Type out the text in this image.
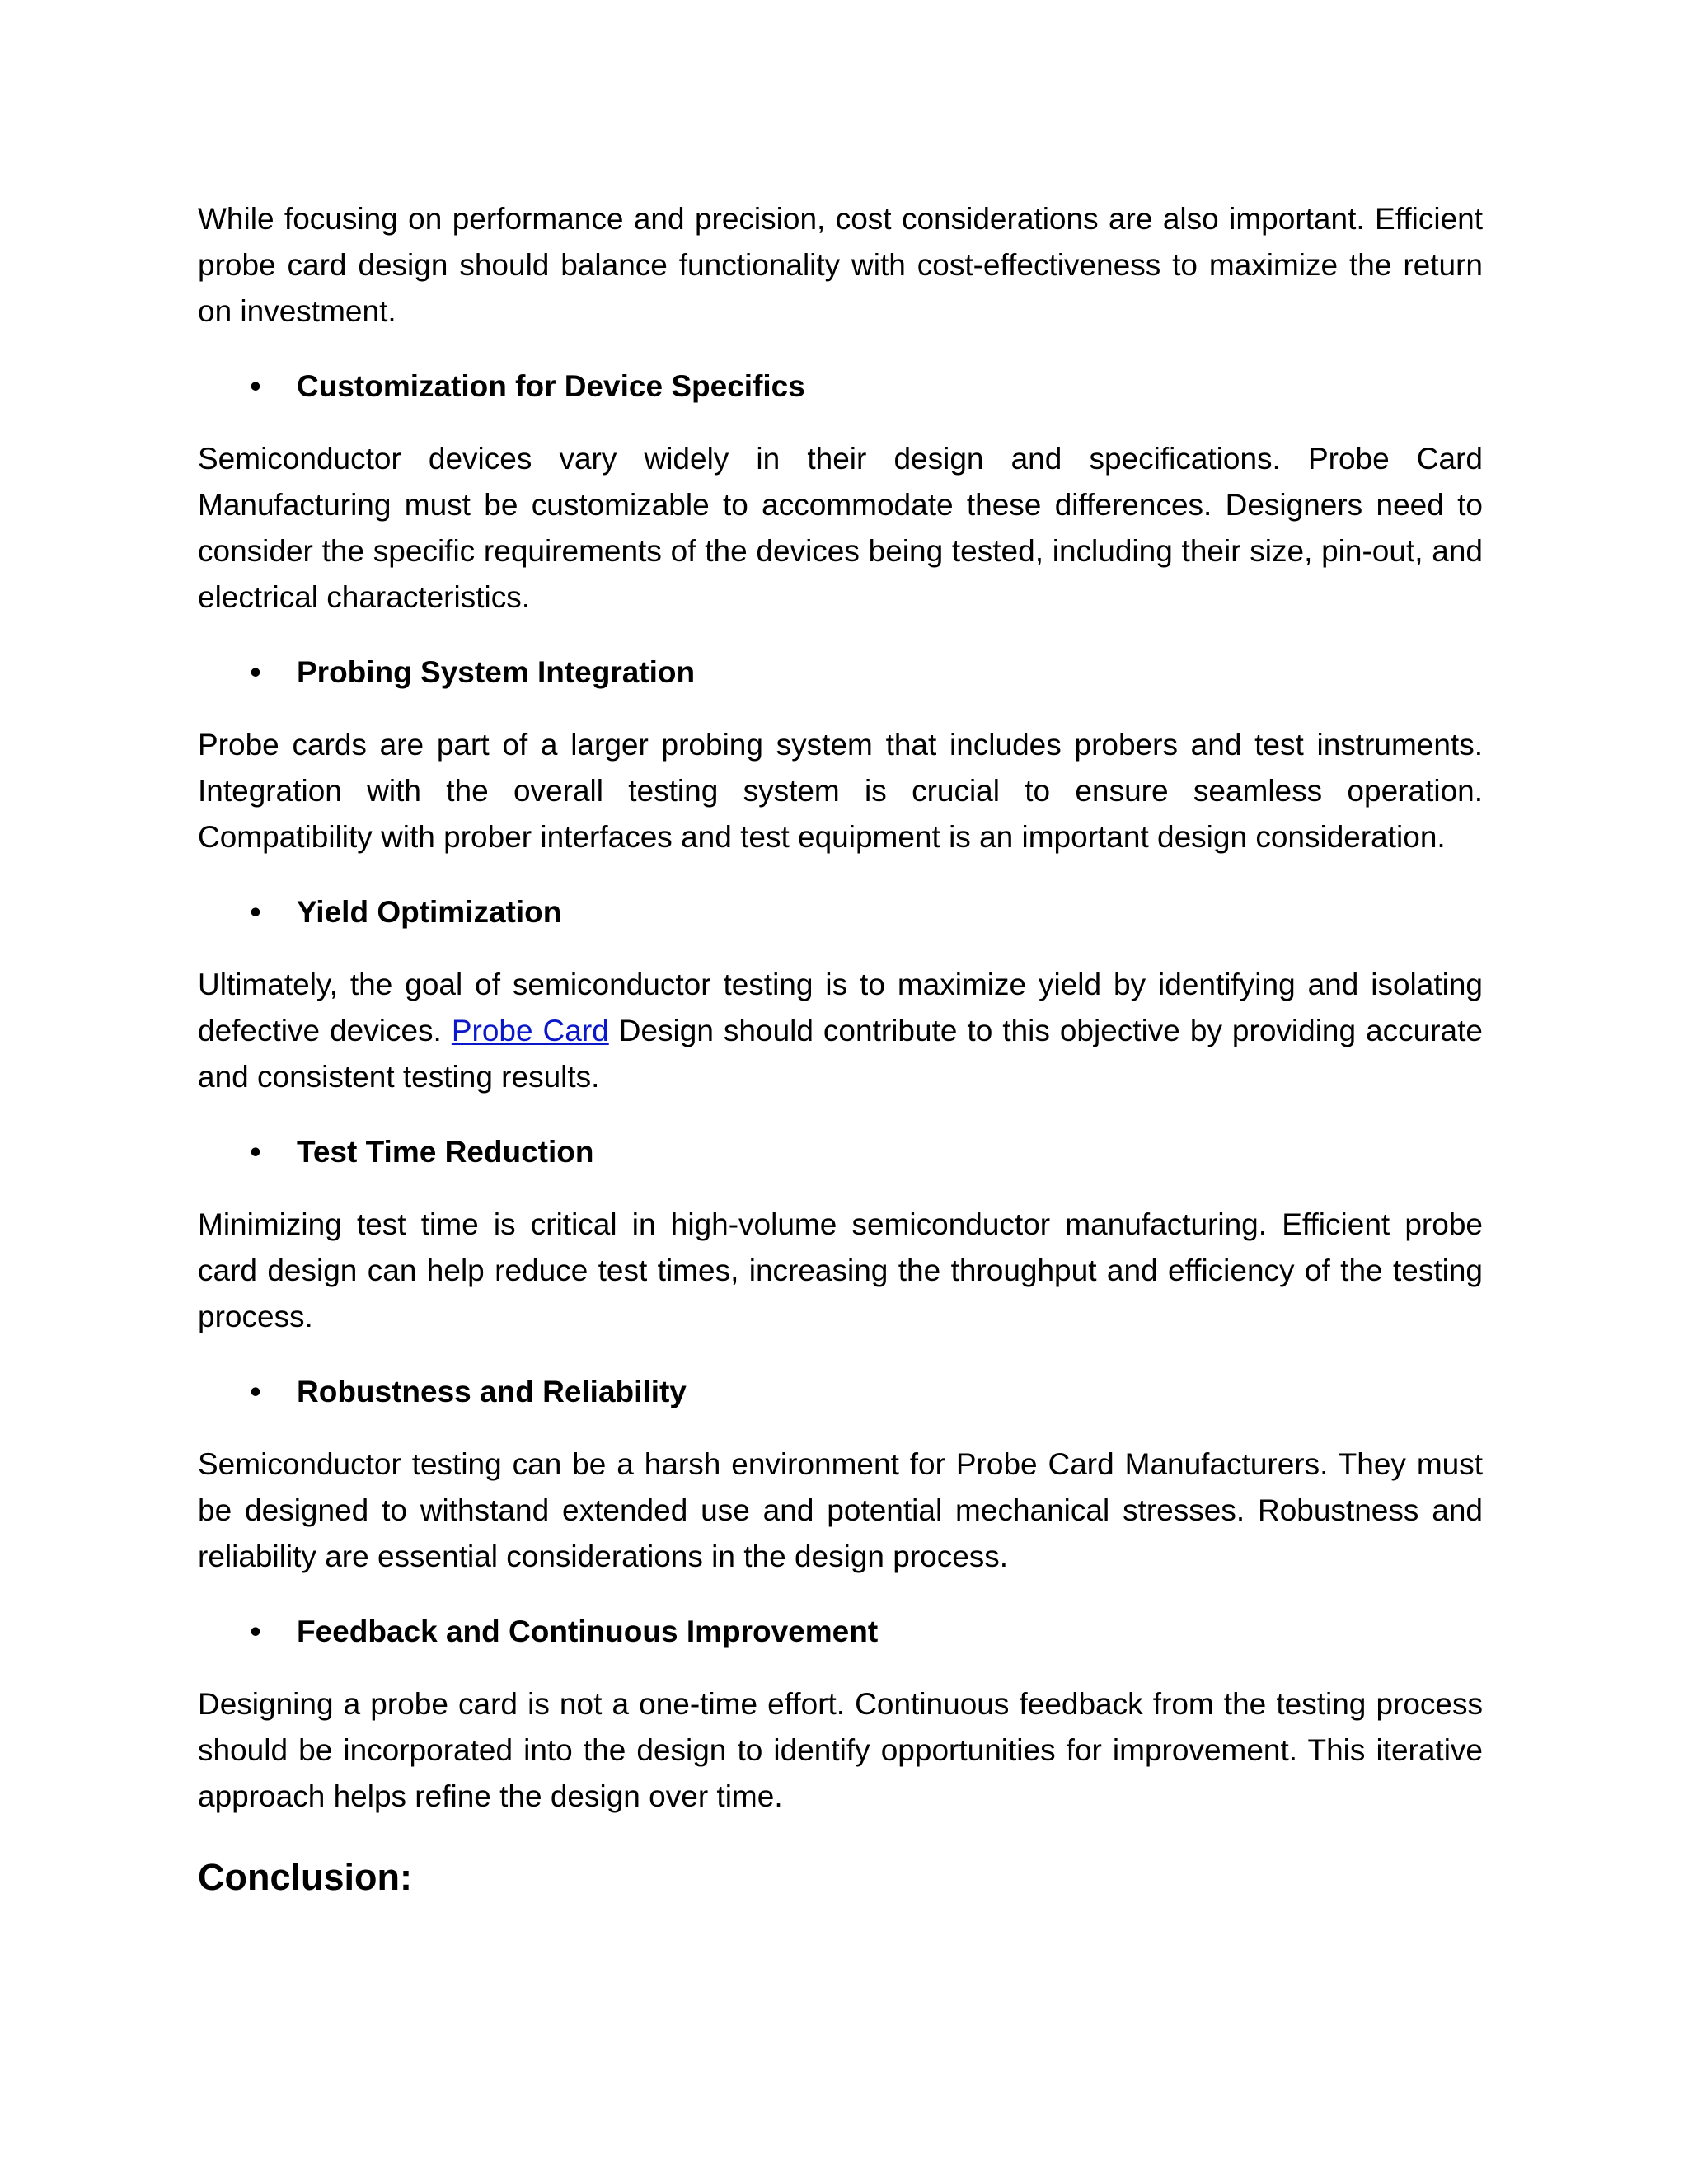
While focusing on performance and precision, cost considerations are also important. Efficient probe card design should balance functionality with cost-effectiveness to maximize the return on investment.

• Customization for Device Specifics

Semiconductor devices vary widely in their design and specifications. Probe Card Manufacturing must be customizable to accommodate these differences. Designers need to consider the specific requirements of the devices being tested, including their size, pin-out, and electrical characteristics.

• Probing System Integration

Probe cards are part of a larger probing system that includes probers and test instruments. Integration with the overall testing system is crucial to ensure seamless operation. Compatibility with prober interfaces and test equipment is an important design consideration.

• Yield Optimization

Ultimately, the goal of semiconductor testing is to maximize yield by identifying and isolating defective devices. Probe Card Design should contribute to this objective by providing accurate and consistent testing results.

• Test Time Reduction

Minimizing test time is critical in high-volume semiconductor manufacturing. Efficient probe card design can help reduce test times, increasing the throughput and efficiency of the testing process.

• Robustness and Reliability

Semiconductor testing can be a harsh environment for Probe Card Manufacturers. They must be designed to withstand extended use and potential mechanical stresses. Robustness and reliability are essential considerations in the design process.

• Feedback and Continuous Improvement

Designing a probe card is not a one-time effort. Continuous feedback from the testing process should be incorporated into the design to identify opportunities for improvement. This iterative approach helps refine the design over time.

Conclusion:
